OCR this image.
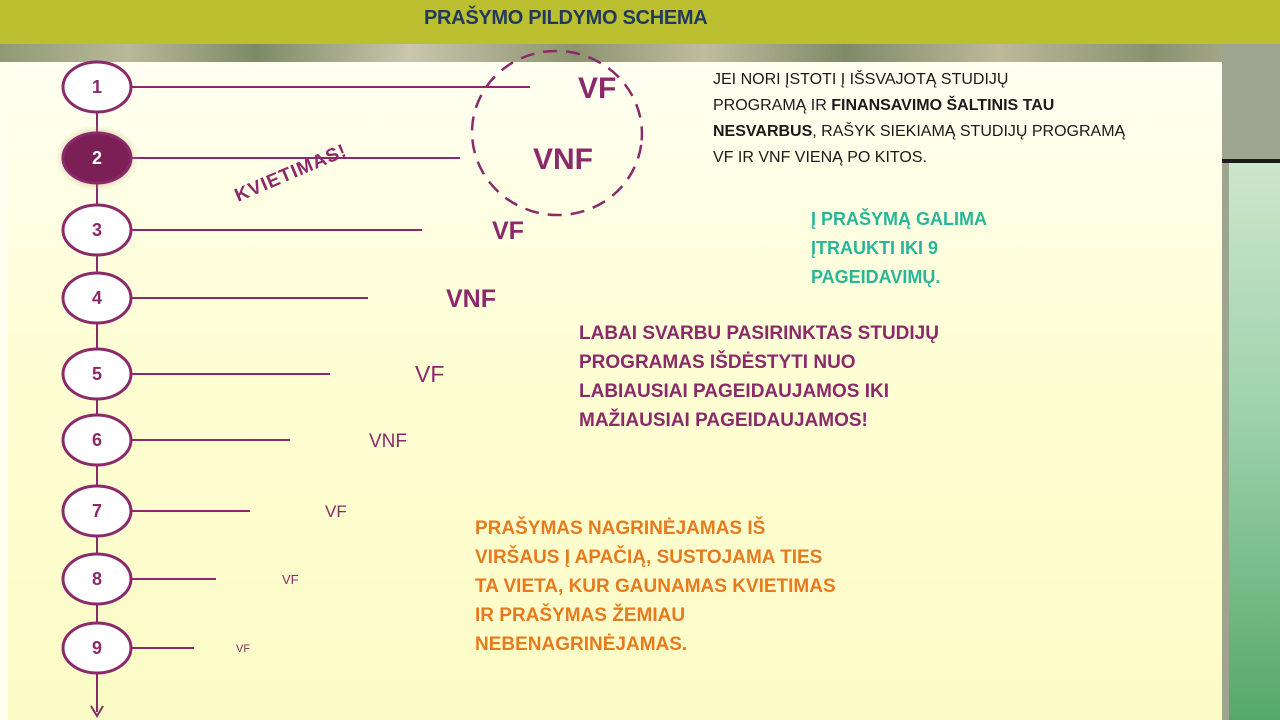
PRAŠYMO PILDYMO SCHEMA
1	VF
2	VNF
3	VF
4	VNF
5	VF
6	VNF
7	VF
8	VF
9	VF
KVIETIMAS!
JEI NORI ĮSTOTI Į IŠSVAJOTĄ STUDIJŲ
PROGRAMĄ IR FINANSAVIMO ŠALTINIS TAU
NESVARBUS, RAŠYK SIEKIAMĄ STUDIJŲ PROGRAMĄ
VF IR VNF VIENĄ PO KITOS.
Į PRAŠYMĄ GALIMA
ĮTRAUKTI IKI 9
PAGEIDAVIMŲ.
LABAI SVARBU PASIRINKTAS STUDIJŲ
PROGRAMAS IŠDĖSTYTI NUO
LABIAUSIAI PAGEIDAUJAMOS IKI
MAŽIAUSIAI PAGEIDAUJAMOS!
PRAŠYMAS NAGRINĖJAMAS IŠ
VIRŠAUS Į APAČIĄ, SUSTOJAMA TIES
TA VIETA, KUR GAUNAMAS KVIETIMAS
IR PRAŠYMAS ŽEMIAU
NEBENAGRINĖJAMAS.
